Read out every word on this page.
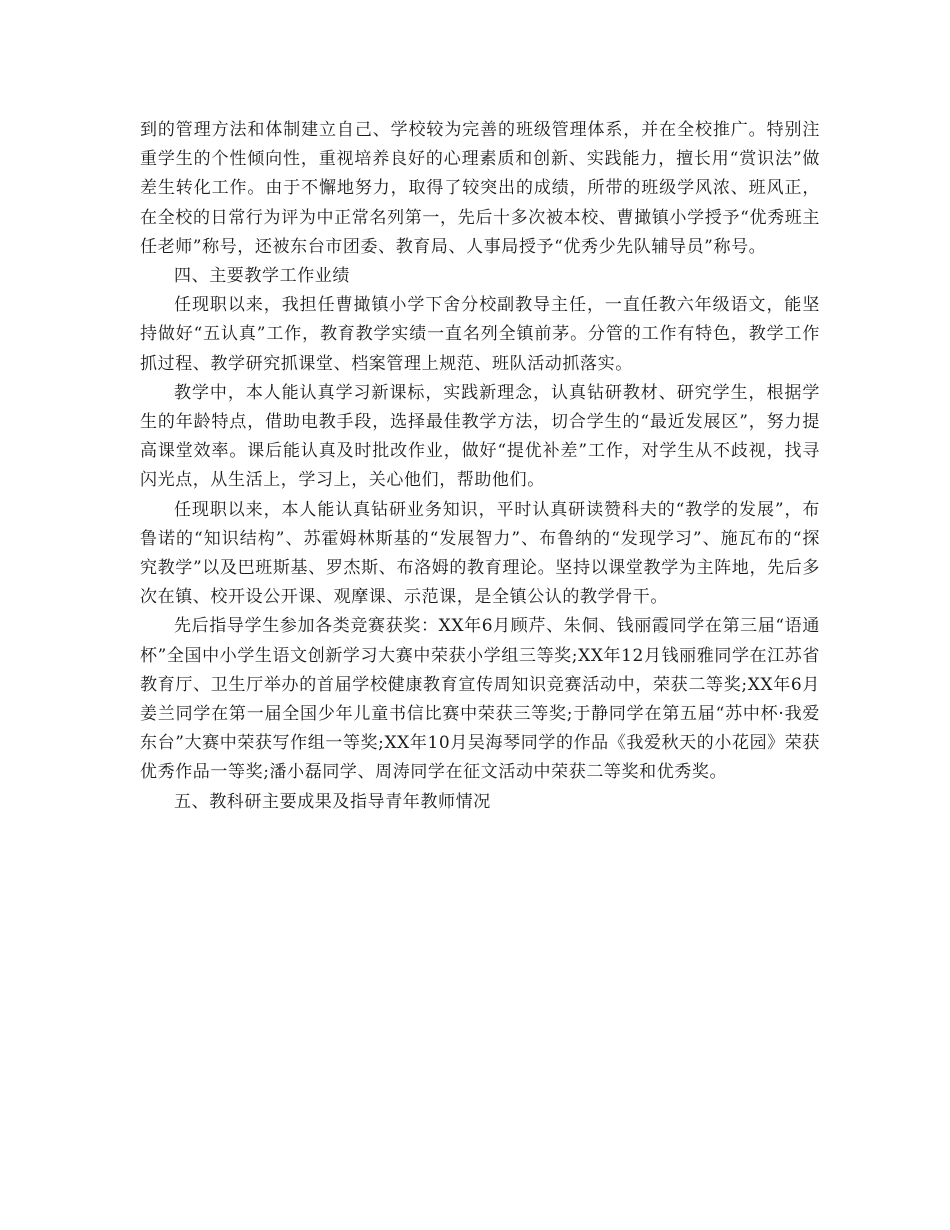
到的管理方法和体制建立自己、学校较为完善的班级管理体系，并在全校推广。特别注重学生的个性倾向性，重视培养良好的心理素质和创新、实践能力，擅长用“赏识法”做差生转化工作。由于不懈地努力，取得了较突出的成绩，所带的班级学风浓、班风正，在全校的日常行为评为中正常名列第一，先后十多次被本校、曹撖镇小学授予“优秀班主任老师”称号，还被东台市团委、教育局、人事局授予“优秀少先队辅导员”称号。

四、主要教学工作业绩

任现职以来，我担任曹撖镇小学下舍分校副教导主任，一直任教六年级语文，能坚持做好“五认真”工作，教育教学实绩一直名列全镇前茅。分管的工作有特色，教学工作抓过程、教学研究抓课堂、档案管理上规范、班队活动抓落实。

教学中，本人能认真学习新课标，实践新理念，认真钻研教材、研究学生，根据学生的年龄特点，借助电教手段，选择最佳教学方法，切合学生的“最近发展区”，努力提高课堂效率。课后能认真及时批改作业，做好“提优补差”工作，对学生从不歧视，找寻闪光点，从生活上，学习上，关心他们，帮助他们。

任现职以来，本人能认真钻研业务知识，平时认真研读赞科夫的“教学的发展”，布鲁诺的“知识结构”、苏霍姆林斯基的“发展智力”、布鲁纳的“发现学习”、施瓦布的“探究教学”以及巴班斯基、罗杰斯、布洛姆的教育理论。坚持以课堂教学为主阵地，先后多次在镇、校开设公开课、观摩课、示范课，是全镇公认的教学骨干。

先后指导学生参加各类竞赛获奖：XX年6月顾芹、朱侗、钱丽霞同学在第三届“语通杯”全国中小学生语文创新学习大赛中荣获小学组三等奖;XX年12月钱丽雅同学在江苏省教育厅、卫生厅举办的首届学校健康教育宣传周知识竞赛活动中，荣获二等奖;XX年6月姜兰同学在第一届全国少年儿童书信比赛中荣获三等奖;于静同学在第五届“苏中杯·我爱东台”大赛中荣获写作组一等奖;XX年10月吴海琴同学的作品《我爱秋天的小花园》荣获优秀作品一等奖;潘小磊同学、周涛同学在征文活动中荣获二等奖和优秀奖。

五、教科研主要成果及指导青年教师情况
